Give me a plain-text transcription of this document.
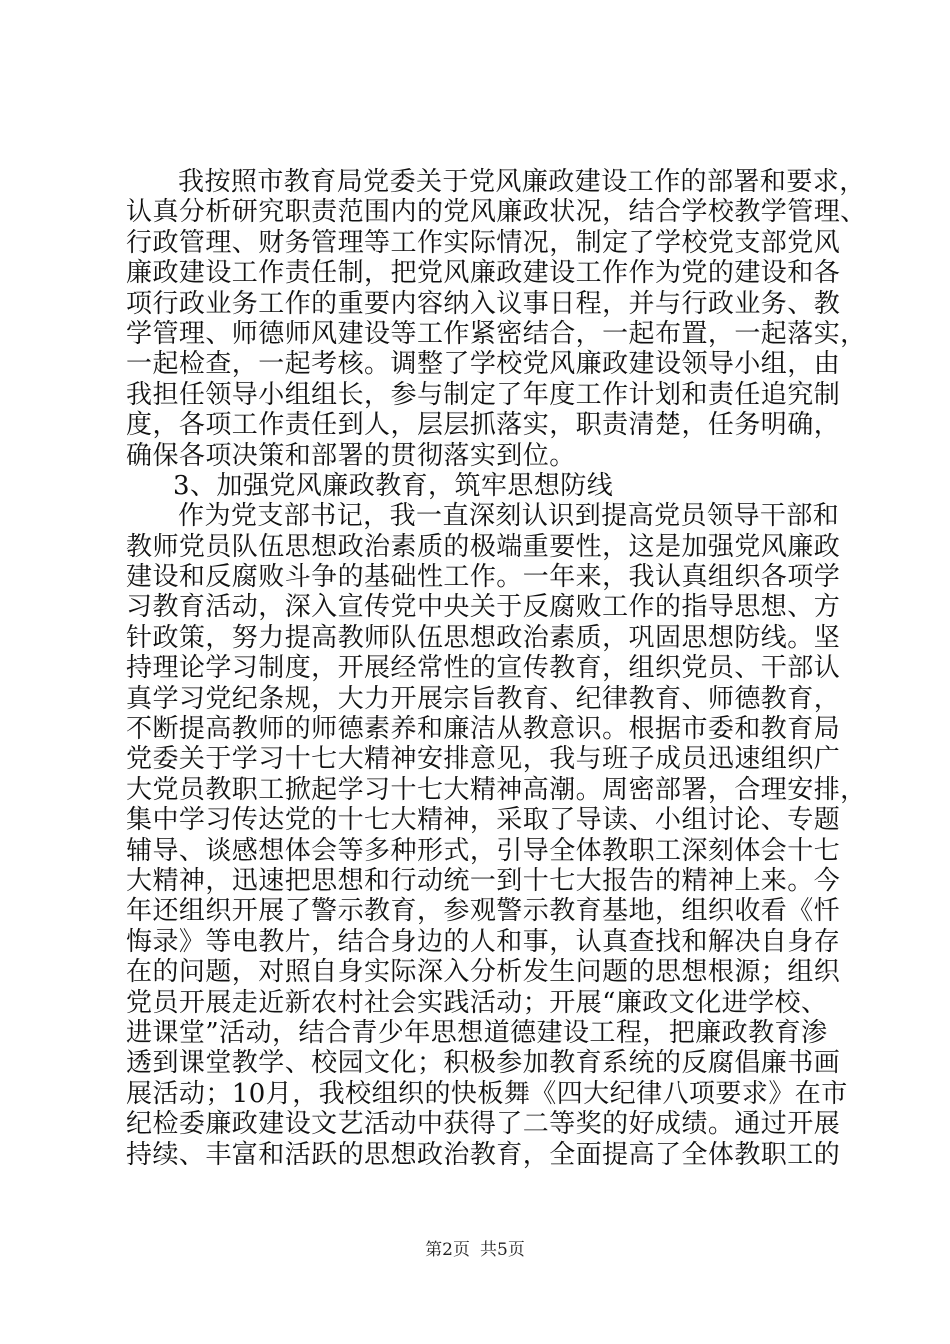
我按照市教育局党委关于党风廉政建设工作的部署和要求，
认真分析研究职责范围内的党风廉政状况，结合学校教学管理、
行政管理、财务管理等工作实际情况，制定了学校党支部党风
廉政建设工作责任制，把党风廉政建设工作作为党的建设和各
项行政业务工作的重要内容纳入议事日程，并与行政业务、教
学管理、师德师风建设等工作紧密结合，一起布置，一起落实，
一起检查，一起考核。调整了学校党风廉政建设领导小组，由
我担任领导小组组长，参与制定了年度工作计划和责任追究制
度，各项工作责任到人，层层抓落实，职责清楚，任务明确，
确保各项决策和部署的贯彻落实到位。
3、加强党风廉政教育，筑牢思想防线
作为党支部书记，我一直深刻认识到提高党员领导干部和
教师党员队伍思想政治素质的极端重要性，这是加强党风廉政
建设和反腐败斗争的基础性工作。一年来，我认真组织各项学
习教育活动，深入宣传党中央关于反腐败工作的指导思想、方
针政策，努力提高教师队伍思想政治素质，巩固思想防线。坚
持理论学习制度，开展经常性的宣传教育，组织党员、干部认
真学习党纪条规，大力开展宗旨教育、纪律教育、师德教育，
不断提高教师的师德素养和廉洁从教意识。根据市委和教育局
党委关于学习十七大精神安排意见，我与班子成员迅速组织广
大党员教职工掀起学习十七大精神高潮。周密部署，合理安排，
集中学习传达党的十七大精神，采取了导读、小组讨论、专题
辅导、谈感想体会等多种形式，引导全体教职工深刻体会十七
大精神，迅速把思想和行动统一到十七大报告的精神上来。今
年还组织开展了警示教育，参观警示教育基地，组织收看《忏
悔录》等电教片，结合身边的人和事，认真查找和解决自身存
在的问题，对照自身实际深入分析发生问题的思想根源；组织
党员开展走近新农村社会实践活动；开展“廉政文化进学校、
进课堂”活动，结合青少年思想道德建设工程，把廉政教育渗
透到课堂教学、校园文化；积极参加教育系统的反腐倡廉书画
展活动；10月，我校组织的快板舞《四大纪律八项要求》在市
纪检委廉政建设文艺活动中获得了二等奖的好成绩。通过开展
持续、丰富和活跃的思想政治教育，全面提高了全体教职工的
第2页 共5页
